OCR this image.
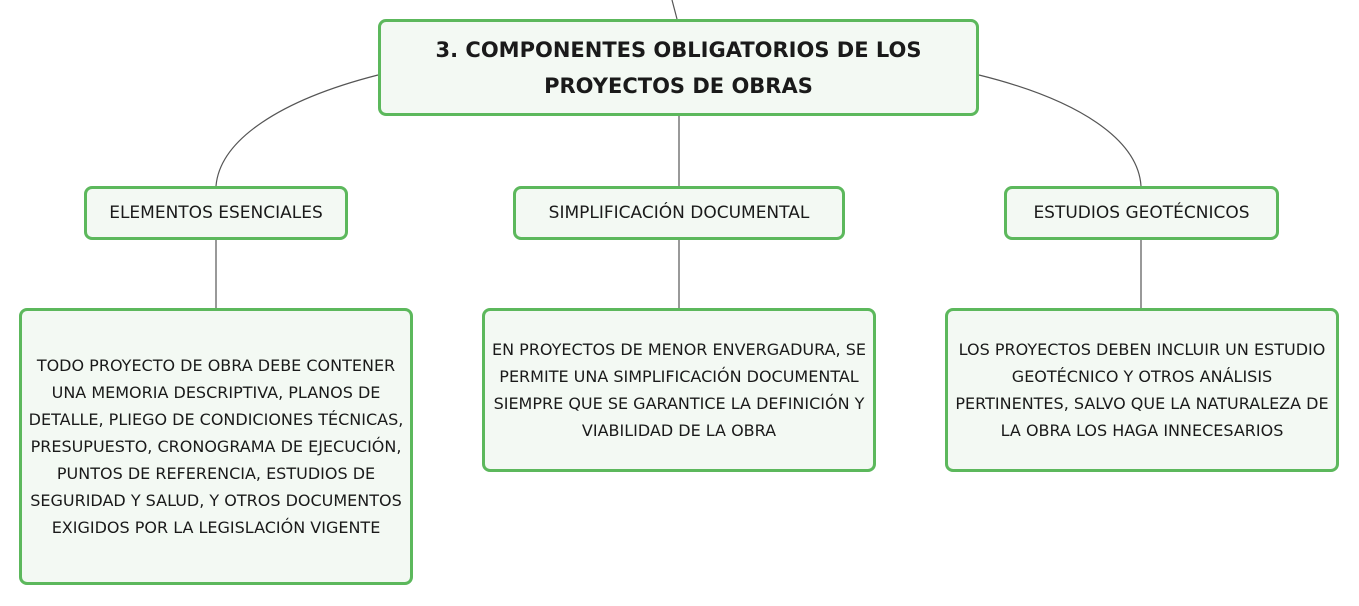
3. COMPONENTES OBLIGATORIOS DE LOS PROYECTOS DE OBRAS
ELEMENTOS ESENCIALES	SIMPLIFICACIÓN DOCUMENTAL	ESTUDIOS GEOTÉCNICOS
TODO PROYECTO DE OBRA DEBE CONTENER UNA MEMORIA DESCRIPTIVA, PLANOS DE DETALLE, PLIEGO DE CONDICIONES TÉCNICAS, PRESUPUESTO, CRONOGRAMA DE EJECUCIÓN, PUNTOS DE REFERENCIA, ESTUDIOS DE SEGURIDAD Y SALUD, Y OTROS DOCUMENTOS EXIGIDOS POR LA LEGISLACIÓN VIGENTE
EN PROYECTOS DE MENOR ENVERGADURA, SE PERMITE UNA SIMPLIFICACIÓN DOCUMENTAL SIEMPRE QUE SE GARANTICE LA DEFINICIÓN Y VIABILIDAD DE LA OBRA
LOS PROYECTOS DEBEN INCLUIR UN ESTUDIO GEOTÉCNICO Y OTROS ANÁLISIS PERTINENTES, SALVO QUE LA NATURALEZA DE LA OBRA LOS HAGA INNECESARIOS
